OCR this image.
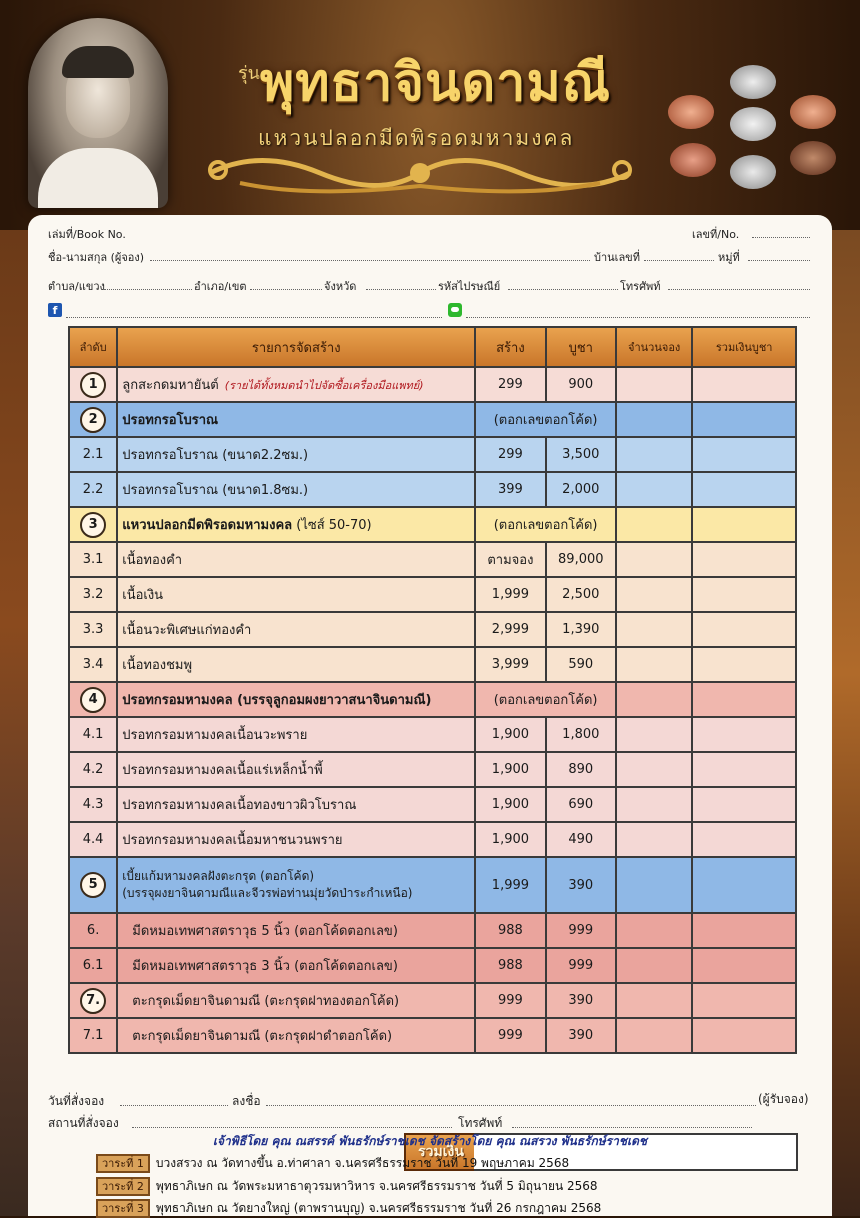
รุ่น พุทธาจินดามณี
แหวนปลอกมีดพิรอดมหามงคล
เล่มที่/Book No.	เลขที่/No.
ชื่อ-นามสกุล (ผู้จอง)	บ้านเลขที่	หมู่ที่
ตำบล/แขวง	อำเภอ/เขต	จังหวัด	รหัสไปรษณีย์	โทรศัพท์
f
ลำดับ	รายการจัดสร้าง	สร้าง	บูชา	จำนวนจอง	รวมเงินบูชา
1	ลูกสะกดมหายันต์ (รายได้ทั้งหมดนำไปจัดซื้อเครื่องมือแพทย์)	299	900		
2	ปรอทกรอโบราณ	(ตอกเลขตอกโค้ด)			
2.1	ปรอทกรอโบราณ (ขนาด2.2ซม.)	299	3,500		
2.2	ปรอทกรอโบราณ (ขนาด1.8ซม.)	399	2,000		
3	แหวนปลอกมีดพิรอดมหามงคล (ไซส์ 50-70)	(ตอกเลขตอกโค้ด)			
3.1	เนื้อทองคำ	ตามจอง	89,000		
3.2	เนื้อเงิน	1,999	2,500		
3.3	เนื้อนวะพิเศษแก่ทองคำ	2,999	1,390		
3.4	เนื้อทองชมพู	3,999	590		
4	ปรอทกรอมหามงคล (บรรจุลูกอมผงยาวาสนาจินดามณี)	(ตอกเลขตอกโค้ด)			
4.1	ปรอทกรอมหามงคลเนื้อนวะพราย	1,900	1,800		
4.2	ปรอทกรอมหามงคลเนื้อแร่เหล็กน้ำพี้	1,900	890		
4.3	ปรอทกรอมหามงคลเนื้อทองขาวผิวโบราณ	1,900	690		
4.4	ปรอทกรอมหามงคลเนื้อมหาชนวนพราย	1,900	490		
5	เบี้ยแก้มหามงคลฝังตะกรุด (ตอกโค้ด)
(บรรจุผงยาจินดามณีและจีวรพ่อท่านมุ่ยวัดป่าระกำเหนือ)	1,999	390		
6.	มีดหมอเทพศาสตราวุธ 5 นิ้ว (ตอกโค้ดตอกเลข)	988	999		
6.1	มีดหมอเทพศาสตราวุธ 3 นิ้ว (ตอกโค้ดตอกเลข)	988	999		
7.	ตะกรุดเม็ดยาจินดามณี (ตะกรุดฝาทองตอกโค้ด)	999	390		
7.1	ตะกรุดเม็ดยาจินดามณี (ตะกรุดฝาดำตอกโค้ด)	999	390		
รวมเงิน
วันที่สั่งจอง	ลงชื่อ	(ผู้รับจอง)
สถานที่สั่งจอง	โทรศัพท์
เจ้าพิธีโดย คุณ ณสรรค์ พันธรักษ์ราชเดช จัดสร้างโดย คุณ ณสรวง พันธรักษ์ราชเดช
วาระที่ 1 บวงสรวง ณ วัดทางขึ้น อ.ท่าศาลา จ.นครศรีธรรมราช วันที่ 19 พฤษภาคม 2568
วาระที่ 2 พุทธาภิเษก ณ วัดพระมหาธาตุวรมหาวิหาร จ.นครศรีธรรมราช วันที่ 5 มิถุนายน 2568
วาระที่ 3 พุทธาภิเษก ณ วัดยางใหญ่ (ตาพรานบุญ) จ.นครศรีธรรมราช วันที่ 26 กรกฎาคม 2568
